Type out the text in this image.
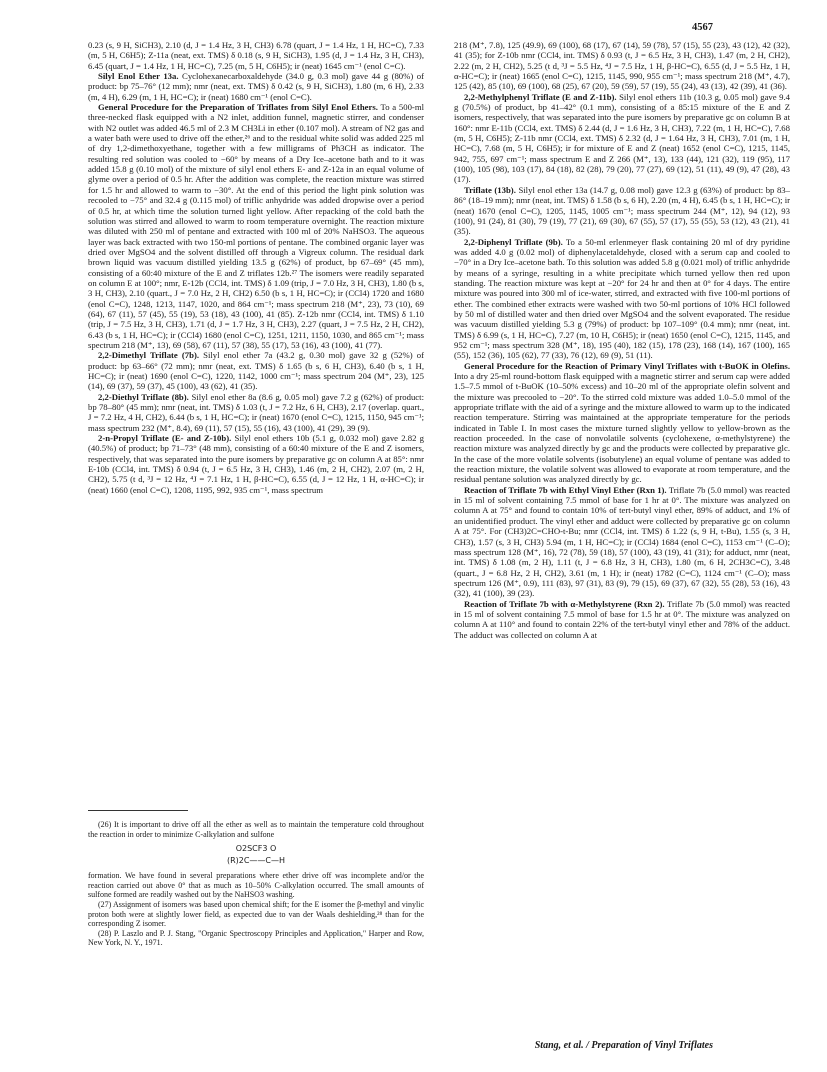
4567

0.23 (s, 9 H, SiCH3), 2.10 (d, J = 1.4 Hz, 3 H, CH3) 6.78 (quart, J = 1.4 Hz, 1 H, HC=C), 7.33 (m, 5 H, C6H5); Z-11a (neat, ext. TMS) δ 0.18 (s, 9 H, SiCH3), 1.95 (d, J = 1.4 Hz, 3 H, CH3), 6.45 (quart, J = 1.4 Hz, 1 H, HC=C), 7.25 (m, 5 H, C6H5); ir (neat) 1645 cm⁻¹ (enol C=C).

Silyl Enol Ether 13a. Cyclohexanecarboxaldehyde (34.0 g, 0.3 mol) gave 44 g (80%) of product: bp 75–76° (12 mm); nmr (neat, ext. TMS) δ 0.42 (s, 9 H, SiCH3), 1.80 (m, 6 H), 2.33 (m, 4 H), 6.29 (m, 1 H, HC=C); ir (neat) 1680 cm⁻¹ (enol C=C).

General Procedure for the Preparation of Triflates from Silyl Enol Ethers. To a 500-ml three-necked flask equipped with a N2 inlet, addition funnel, magnetic stirrer, and condenser with N2 outlet was added 46.5 ml of 2.3 M CH3Li in ether (0.107 mol). A stream of N2 gas and a water bath were used to drive off the ether,²⁶ and to the residual white solid was added 225 ml of dry 1,2-dimethoxyethane, together with a few milligrams of Ph3CH as indicator. The resulting red solution was cooled to −60° by means of a Dry Ice–acetone bath and to it was added 15.8 g (0.10 mol) of the mixture of silyl enol ethers E- and Z-12a in an equal volume of glyme over a period of 0.5 hr. After the addition was complete, the reaction mixture was stirred for 1.5 hr and allowed to warm to −30°. At the end of this period the light pink solution was recooled to −75° and 32.4 g (0.115 mol) of triflic anhydride was added dropwise over a period of 0.5 hr, at which time the solution turned light yellow. After repacking of the cold bath the solution was stirred and allowed to warm to room temperature overnight. The reaction mixture was diluted with 250 ml of pentane and extracted with 100 ml of 20% NaHSO3. The aqueous layer was back extracted with two 150-ml portions of pentane. The combined organic layer was dried over MgSO4 and the solvent distilled off through a Vigreux column. The residual dark brown liquid was vacuum distilled yielding 13.5 g (62%) of product, bp 67–69° (45 mm), consisting of a 60:40 mixture of the E and Z triflates 12b.²⁷ The isomers were readily separated on column E at 100°; nmr, E-12b (CCl4, int. TMS) δ 1.09 (trip, J = 7.0 Hz, 3 H, CH3), 1.80 (b s, 3 H, CH3), 2.10 (quart., J = 7.0 Hz, 2 H, CH2) 6.50 (b s, 1 H, HC=C); ir (CCl4) 1720 and 1680 (enol C=C), 1248, 1213, 1147, 1020, and 864 cm⁻¹; mass spectrum 218 (M⁺, 23), 73 (10), 69 (64), 67 (11), 57 (45), 55 (19), 53 (18), 43 (100), 41 (85). Z-12b nmr (CCl4, int. TMS) δ 1.10 (trip, J = 7.5 Hz, 3 H, CH3), 1.71 (d, J = 1.7 Hz, 3 H, CH3), 2.27 (quart, J = 7.5 Hz, 2 H, CH2), 6.43 (b s, 1 H, HC=C); ir (CCl4) 1680 (enol C=C), 1251, 1211, 1150, 1030, and 865 cm⁻¹; mass spectrum 218 (M⁺, 13), 69 (58), 67 (11), 57 (38), 55 (17), 53 (16), 43 (100), 41 (77).

2,2-Dimethyl Triflate (7b). Silyl enol ether 7a (43.2 g, 0.30 mol) gave 32 g (52%) of product: bp 63–66° (72 mm); nmr (neat, ext. TMS) δ 1.65 (b s, 6 H, CH3), 6.40 (b s, 1 H, HC=C); ir (neat) 1690 (enol C=C), 1220, 1142, 1000 cm⁻¹; mass spectrum 204 (M⁺, 23), 125 (14), 69 (37), 59 (37), 45 (100), 43 (62), 41 (35).

2,2-Diethyl Triflate (8b). Silyl enol ether 8a (8.6 g, 0.05 mol) gave 7.2 g (62%) of product: bp 78–80° (45 mm); nmr (neat, int. TMS) δ 1.03 (t, J = 7.2 Hz, 6 H, CH3), 2.17 (overlap. quart., J = 7.2 Hz, 4 H, CH2), 6.44 (b s, 1 H, HC=C); ir (neat) 1670 (enol C=C), 1215, 1150, 945 cm⁻¹; mass spectrum 232 (M⁺, 8.4), 69 (11), 57 (15), 55 (16), 43 (100), 41 (29), 39 (9).

2-n-Propyl Triflate (E- and Z-10b). Silyl enol ethers 10b (5.1 g, 0.032 mol) gave 2.82 g (40.5%) of product; bp 71–73° (48 mm), consisting of a 60:40 mixture of the E and Z isomers, respectively, that was separated into the pure isomers by preparative gc on column A at 85°: nmr E-10b (CCl4, int. TMS) δ 0.94 (t, J = 6.5 Hz, 3 H, CH3), 1.46 (m, 2 H, CH2), 2.07 (m, 2 H, CH2), 5.75 (t d, ³J = 12 Hz, ⁴J = 7.1 Hz, 1 H, β-HC=C), 6.55 (d, J = 12 Hz, 1 H, α-HC=C); ir (neat) 1660 (enol C=C), 1208, 1195, 992, 935 cm⁻¹, mass spectrum

(26) It is important to drive off all the ether as well as to maintain the temperature cold throughout the reaction in order to minimize C-alkylation and sulfone

O2SCF3 O
(R)2C——C—H

formation. We have found in several preparations where ether drive off was incomplete and/or the reaction carried out above 0° that as much as 10–50% C-alkylation occurred. The small amounts of sulfone formed are readily washed out by the NaHSO3 washing.

(27) Assignment of isomers was based upon chemical shift; for the E isomer the β-methyl and vinylic proton both were at slightly lower field, as expected due to van der Waals deshielding,²⁸ than for the corresponding Z isomer.

(28) P. Laszlo and P. J. Stang, "Organic Spectroscopy Principles and Application," Harper and Row, New York, N. Y., 1971.

218 (M⁺, 7.8), 125 (49.9), 69 (100), 68 (17), 67 (14), 59 (78), 57 (15), 55 (23), 43 (12), 42 (32), 41 (35); for Z-10b nmr (CCl4, int. TMS) δ 0.93 (t, J = 6.5 Hz, 3 H, CH3), 1.47 (m, 2 H, CH2), 2.22 (m, 2 H, CH2), 5.25 (t d, ³J = 5.5 Hz, ⁴J = 7.5 Hz, 1 H, β-HC=C), 6.55 (d, J = 5.5 Hz, 1 H, α-HC=C); ir (neat) 1665 (enol C=C), 1215, 1145, 990, 955 cm⁻¹; mass spectrum 218 (M⁺, 4.7), 125 (42), 85 (10), 69 (100), 68 (25), 67 (20), 59 (59), 57 (19), 55 (24), 43 (13), 42 (39), 41 (36).

2,2-Methylphenyl Triflate (E and Z-11b). Silyl enol ethers 11b (10.3 g, 0.05 mol) gave 9.4 g (70.5%) of product, bp 41–42° (0.1 mm), consisting of a 85:15 mixture of the E and Z isomers, respectively, that was separated into the pure isomers by preparative gc on column B at 160°: nmr E-11b (CCl4, ext. TMS) δ 2.44 (d, J = 1.6 Hz, 3 H, CH3), 7.22 (m, 1 H, HC=C), 7.68 (m, 5 H, C6H5); Z-11b nmr (CCl4, ext. TMS) δ 2.32 (d, J = 1.64 Hz, 3 H, CH3), 7.01 (m, 1 H, HC=C), 7.68 (m, 5 H, C6H5); ir for mixture of E and Z (neat) 1652 (enol C=C), 1215, 1145, 942, 755, 697 cm⁻¹; mass spectrum E and Z 266 (M⁺, 13), 133 (44), 121 (32), 119 (95), 117 (100), 105 (98), 103 (17), 84 (18), 82 (28), 79 (20), 77 (27), 69 (12), 51 (11), 49 (9), 47 (28), 43 (17).

Triflate (13b). Silyl enol ether 13a (14.7 g, 0.08 mol) gave 12.3 g (63%) of product: bp 83–86° (18–19 mm); nmr (neat, int. TMS) δ 1.58 (b s, 6 H), 2.20 (m, 4 H), 6.45 (b s, 1 H, HC=C); ir (neat) 1670 (enol C=C), 1205, 1145, 1005 cm⁻¹; mass spectrum 244 (M⁺, 12), 94 (12), 93 (100), 91 (24), 81 (30), 79 (19), 77 (21), 69 (30), 67 (55), 57 (17), 55 (55), 53 (12), 43 (21), 41 (35).

2,2-Diphenyl Triflate (9b). To a 50-ml erlenmeyer flask containing 20 ml of dry pyridine was added 4.0 g (0.02 mol) of diphenylacetaldehyde, closed with a serum cap and cooled to −70° in a Dry Ice–acetone bath. To this solution was added 5.8 g (0.021 mol) of triflic anhydride by means of a syringe, resulting in a white precipitate which turned yellow then red upon standing. The reaction mixture was kept at −20° for 24 hr and then at 0° for 4 days. The entire mixture was poured into 300 ml of ice-water, stirred, and extracted with five 100-ml portions of ether. The combined ether extracts were washed with two 50-ml portions of 10% HCl followed by 50 ml of distilled water and then dried over MgSO4 and the solvent evaporated. The residue was vacuum distilled yielding 5.3 g (79%) of product: bp 107–109° (0.4 mm); nmr (neat, int. TMS) δ 6.99 (s, 1 H, HC=C), 7.27 (m, 10 H, C6H5); ir (neat) 1650 (enol C=C), 1215, 1145, and 952 cm⁻¹; mass spectrum 328 (M⁺, 18), 195 (40), 182 (15), 178 (23), 168 (14), 167 (100), 165 (55), 152 (36), 105 (62), 77 (33), 76 (12), 69 (9), 51 (11).

General Procedure for the Reaction of Primary Vinyl Triflates with t-BuOK in Olefins. Into a dry 25-ml round-bottom flask equipped with a magnetic stirrer and serum cap were added 1.5–7.5 mmol of t-BuOK (10–50% excess) and 10–20 ml of the appropriate olefin solvent and the mixture was precooled to −20°. To the stirred cold mixture was added 1.0–5.0 mmol of the appropriate triflate with the aid of a syringe and the mixture allowed to warm up to the indicated reaction temperature. Stirring was maintained at the appropriate temperature for the periods indicated in Table I. In most cases the mixture turned slightly yellow to yellow-brown as the reaction proceeded. In the case of nonvolatile solvents (cyclohexene, α-methylstyrene) the reaction mixture was analyzed directly by gc and the products were collected by preparative glc. In the case of the more volatile solvents (isobutylene) an equal volume of pentane was added to the reaction mixture, the volatile solvent was allowed to evaporate at room temperature, and the residual pentane solution was analyzed directly by gc.

Reaction of Triflate 7b with Ethyl Vinyl Ether (Rxn 1). Triflate 7b (5.0 mmol) was reacted in 15 ml of solvent containing 7.5 mmol of base for 1 hr at 0°. The mixture was analyzed on column A at 75° and found to contain 10% of tert-butyl vinyl ether, 89% of adduct, and 1% of an unidentified product. The vinyl ether and adduct were collected by preparative gc on column A at 75°. For (CH3)2C=CHO-t-Bu; nmr (CCl4, int. TMS) δ 1.22 (s, 9 H, t-Bu), 1.55 (s, 3 H, CH3), 1.57 (s, 3 H, CH3) 5.94 (m, 1 H, HC=C); ir (CCl4) 1684 (enol C=C), 1153 cm⁻¹ (C–O); mass spectrum 128 (M⁺, 16), 72 (78), 59 (18), 57 (100), 43 (19), 41 (31); for adduct, nmr (neat, int. TMS) δ 1.08 (m, 2 H), 1.11 (t, J = 6.8 Hz, 3 H, CH3), 1.80 (m, 6 H, 2CH3C=C), 3.48 (quart., J = 6.8 Hz, 2 H, CH2), 3.61 (m, 1 H); ir (neat) 1782 (C=C), 1124 cm⁻¹ (C–O); mass spectrum 126 (M⁺, 0.9), 111 (83), 97 (31), 83 (9), 79 (15), 69 (37), 67 (32), 55 (28), 53 (16), 43 (32), 41 (100), 39 (23).

Reaction of Triflate 7b with α-Methylstyrene (Rxn 2). Triflate 7b (5.0 mmol) was reacted in 15 ml of solvent containing 7.5 mmol of base for 1.5 hr at 0°. The mixture was analyzed on column A at 110° and found to contain 22% of the tert-butyl vinyl ether and 78% of the adduct. The adduct was collected on column A at

Stang, et al. / Preparation of Vinyl Triflates
